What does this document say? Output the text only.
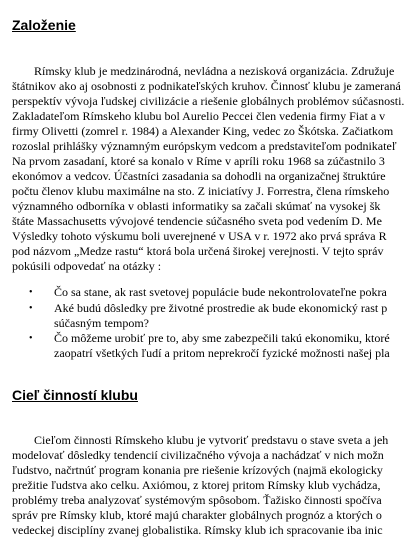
Založenie

Rímsky klub je medzinárodná, nevládna a nezisková organizácia. Združuje

štátnikov ako aj osobnosti z podnikateľských kruhov. Činnosť klubu je zameraná

perspektív vývoja ľudskej civilizácie a riešenie globálnych problémov súčasnosti.

Zakladateľom Rímskeho klubu bol Aurelio Peccei člen vedenia firmy Fiat a v

firmy Olivetti (zomrel r. 1984) a Alexander King, vedec zo Škótska. Začiatkom

rozoslal prihlášky významným európskym vedcom a predstaviteľom podnikateľ

Na prvom zasadaní, ktoré sa konalo v Ríme v apríli roku 1968 sa zúčastnilo 3

ekonómov a vedcov. Účastníci zasadania sa dohodli na organizačnej štruktúre

počtu členov klubu maximálne na sto. Z iniciatívy J. Forrestra, člena rímskeho

významného odborníka v oblasti informatiky sa začali skúmať na vysokej šk

štáte Massachusetts vývojové tendencie súčasného sveta pod vedením D. Me

Výsledky tohoto výskumu boli uverejnené v USA v r. 1972 ako prvá správa R

pod názvom „Medze rastu“ ktorá bola určená širokej verejnosti. V tejto správ

pokúsili odpovedať na otázky :

• Čo sa stane, ak rast svetovej populácie bude nekontrolovateľne pokra

• Aké budú dôsledky pre životné prostredie ak bude ekonomický rast p

súčasným tempom?

• Čo môžeme urobiť pre to, aby sme zabezpečili takú ekonomiku, ktoré

zaopatrí všetkých ľudí a pritom neprekročí fyzické možnosti našej pla

Cieľ činností klubu

Cieľom činnosti Rímskeho klubu je vytvoriť predstavu o stave sveta a jeh

modelovať dôsledky tendencií civilizačného vývoja a nachádzať v nich možn

ľudstvo, načrtnúť program konania pre riešenie krízových (najmä ekologicky

prežitie ľudstva ako celku. Axiómou, z ktorej pritom Rímsky klub vychádza,

problémy treba analyzovať systémovým spôsobom. Ťažisko činnosti spočíva

správ pre Rímsky klub, ktoré majú charakter globálnych prognóz a ktorých o

vedeckej disciplíny zvanej globalistika. Rímsky klub ich spracovanie iba inic
